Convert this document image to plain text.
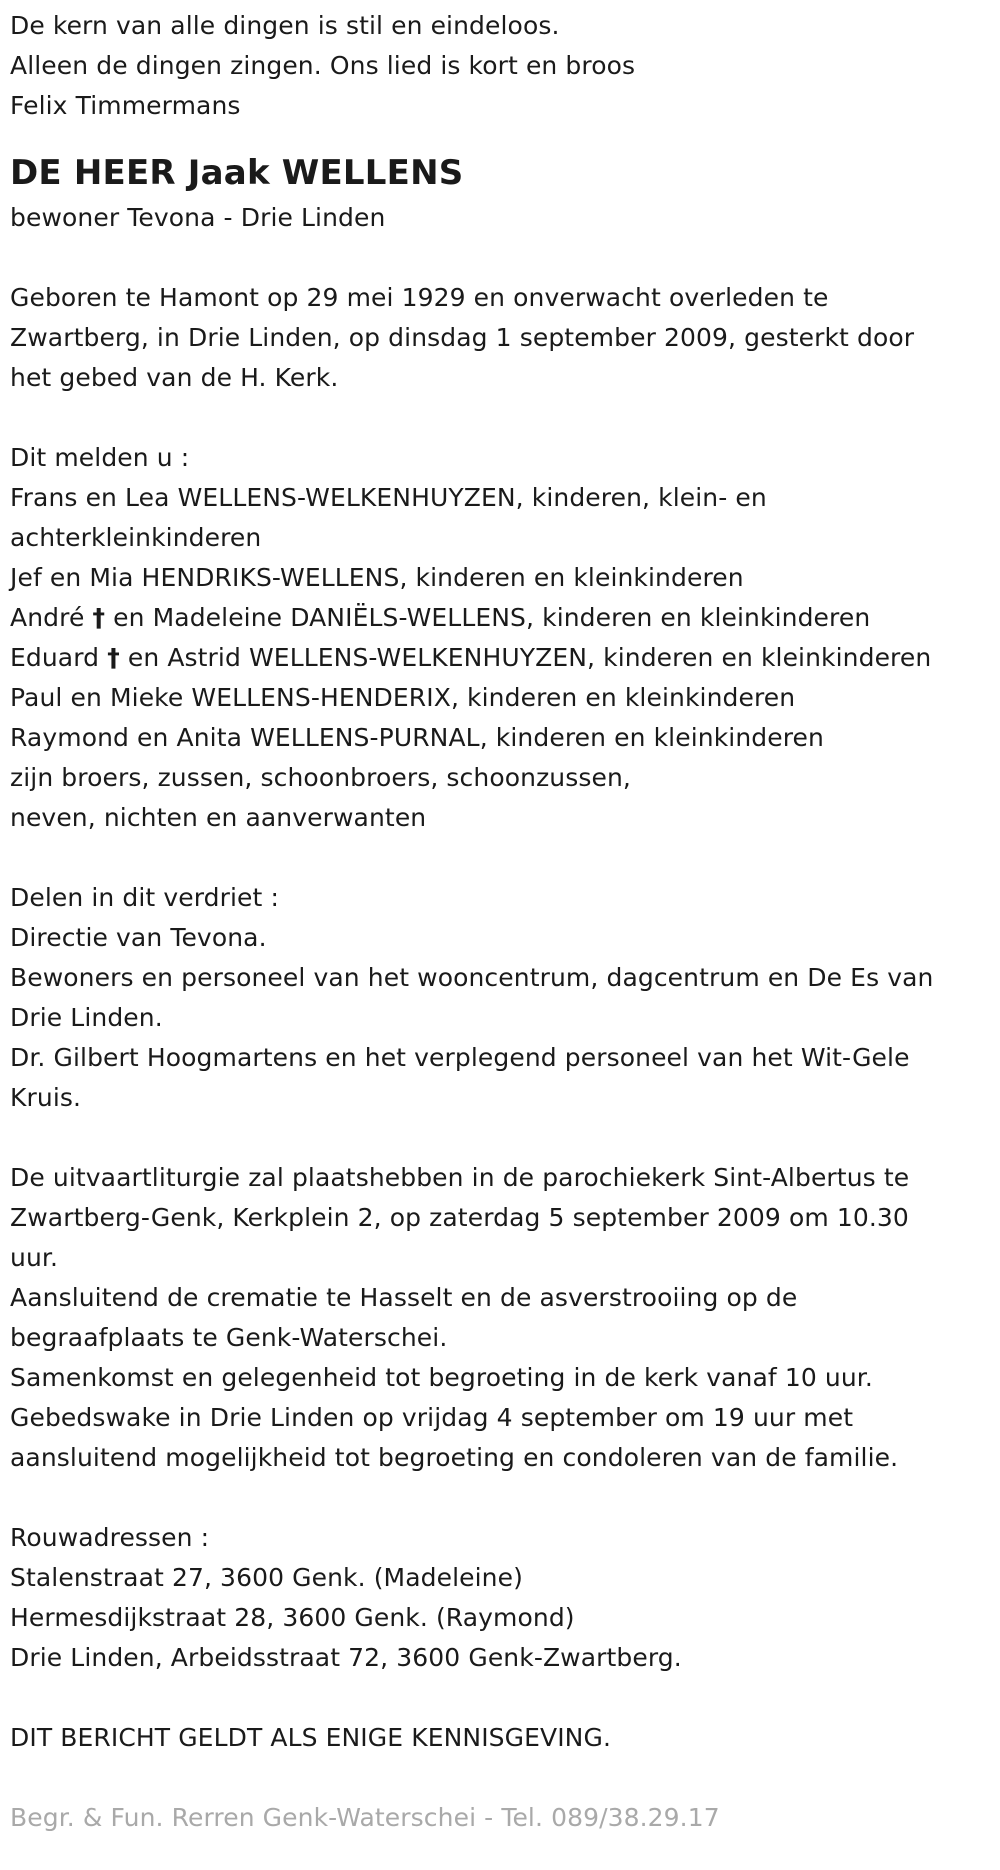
De kern van alle dingen is stil en eindeloos.
Alleen de dingen zingen. Ons lied is kort en broos
Felix Timmermans
DE HEER Jaak WELLENS
bewoner Tevona - Drie Linden
Geboren te Hamont op 29 mei 1929 en onverwacht overleden te
Zwartberg, in Drie Linden, op dinsdag 1 september 2009, gesterkt door
het gebed van de H. Kerk.
Dit melden u :
Frans en Lea WELLENS-WELKENHUYZEN, kinderen, klein- en
achterkleinkinderen
Jef en Mia HENDRIKS-WELLENS, kinderen en kleinkinderen
André † en Madeleine DANIËLS-WELLENS, kinderen en kleinkinderen
Eduard † en Astrid WELLENS-WELKENHUYZEN, kinderen en kleinkinderen
Paul en Mieke WELLENS-HENDERIX, kinderen en kleinkinderen
Raymond en Anita WELLENS-PURNAL, kinderen en kleinkinderen
zijn broers, zussen, schoonbroers, schoonzussen,
neven, nichten en aanverwanten
Delen in dit verdriet :
Directie van Tevona.
Bewoners en personeel van het wooncentrum, dagcentrum en De Es van
Drie Linden.
Dr. Gilbert Hoogmartens en het verplegend personeel van het Wit-Gele
Kruis.
De uitvaartliturgie zal plaatshebben in de parochiekerk Sint-Albertus te
Zwartberg-Genk, Kerkplein 2, op zaterdag 5 september 2009 om 10.30
uur.
Aansluitend de crematie te Hasselt en de asverstrooiing op de
begraafplaats te Genk-Waterschei.
Samenkomst en gelegenheid tot begroeting in de kerk vanaf 10 uur.
Gebedswake in Drie Linden op vrijdag 4 september om 19 uur met
aansluitend mogelijkheid tot begroeting en condoleren van de familie.
Rouwadressen :
Stalenstraat 27, 3600 Genk. (Madeleine)
Hermesdijkstraat 28, 3600 Genk. (Raymond)
Drie Linden, Arbeidsstraat 72, 3600 Genk-Zwartberg.
DIT BERICHT GELDT ALS ENIGE KENNISGEVING.
Begr. & Fun. Rerren Genk-Waterschei - Tel. 089/38.29.17
